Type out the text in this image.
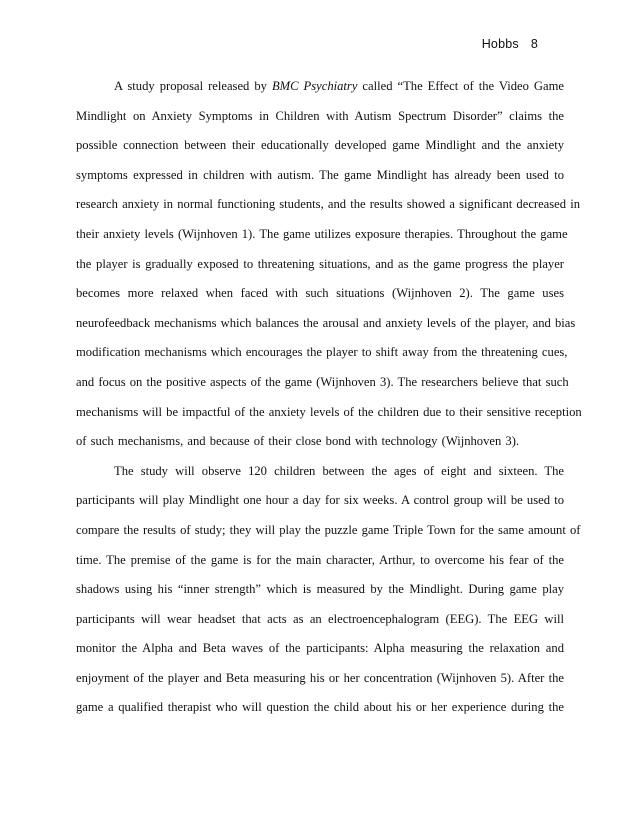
Hobbs 8
A study proposal released by BMC Psychiatry called “The Effect of the Video Game
Mindlight on Anxiety Symptoms in Children with Autism Spectrum Disorder” claims the
possible connection between their educationally developed game Mindlight and the anxiety
symptoms expressed in children with autism. The game Mindlight has already been used to
research anxiety in normal functioning students, and the results showed a significant decreased in
their anxiety levels (Wijnhoven 1). The game utilizes exposure therapies. Throughout the game
the player is gradually exposed to threatening situations, and as the game progress the player
becomes more relaxed when faced with such situations (Wijnhoven 2). The game uses
neurofeedback mechanisms which balances the arousal and anxiety levels of the player, and bias
modification mechanisms which encourages the player to shift away from the threatening cues,
and focus on the positive aspects of the game (Wijnhoven 3). The researchers believe that such
mechanisms will be impactful of the anxiety levels of the children due to their sensitive reception
of such mechanisms, and because of their close bond with technology (Wijnhoven 3).
The study will observe 120 children between the ages of eight and sixteen. The
participants will play Mindlight one hour a day for six weeks. A control group will be used to
compare the results of study; they will play the puzzle game Triple Town for the same amount of
time. The premise of the game is for the main character, Arthur, to overcome his fear of the
shadows using his “inner strength” which is measured by the Mindlight. During game play
participants will wear headset that acts as an electroencephalogram (EEG). The EEG will
monitor the Alpha and Beta waves of the participants: Alpha measuring the relaxation and
enjoyment of the player and Beta measuring his or her concentration (Wijnhoven 5). After the
game a qualified therapist who will question the child about his or her experience during the
